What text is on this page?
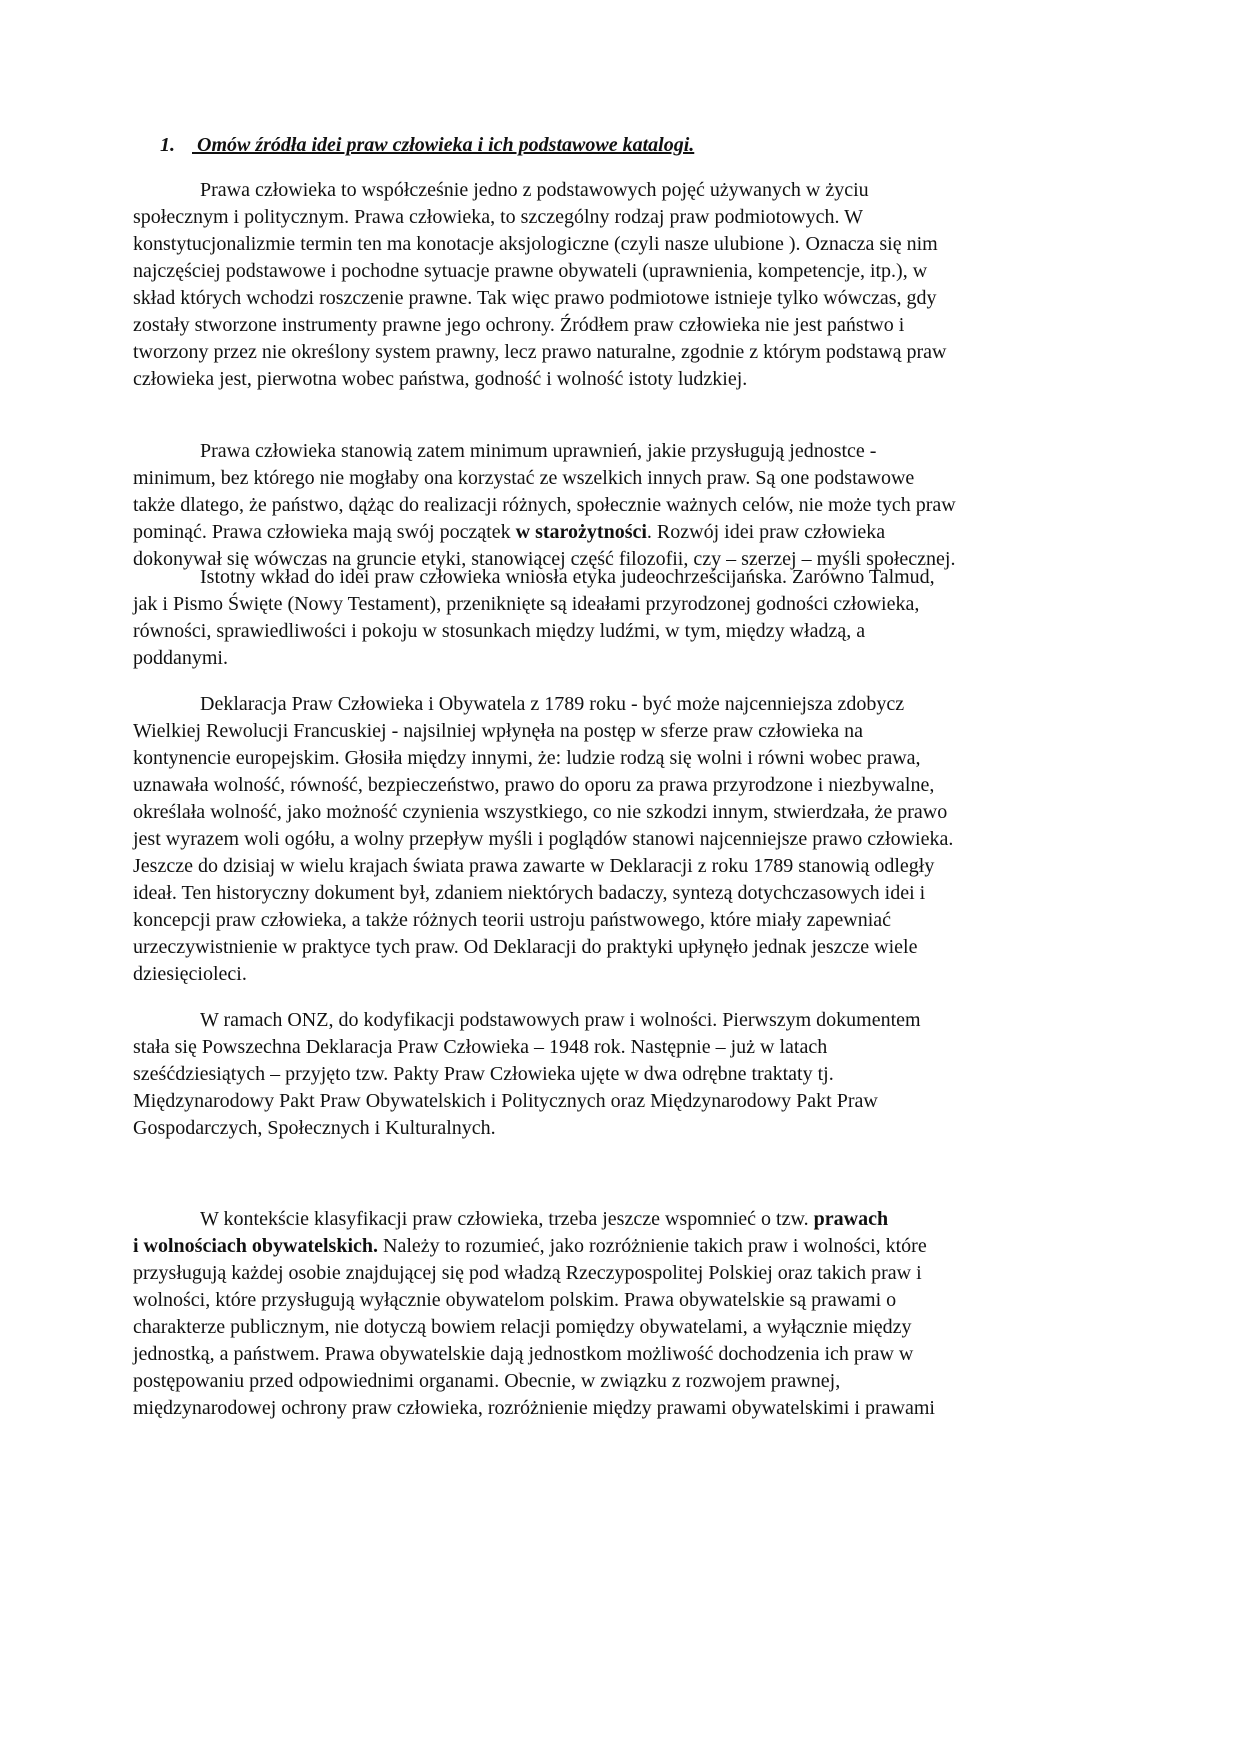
1. Omów źródła idei praw człowieka i ich podstawowe katalogi.
Prawa człowieka to współcześnie jedno z podstawowych pojęć używanych w życiu
społecznym i politycznym. Prawa człowieka, to szczególny rodzaj praw podmiotowych. W
konstytucjonalizmie termin ten ma konotacje aksjologiczne (czyli nasze ulubione ). Oznacza się nim
najczęściej podstawowe i pochodne sytuacje prawne obywateli (uprawnienia, kompetencje, itp.), w
skład których wchodzi roszczenie prawne. Tak więc prawo podmiotowe istnieje tylko wówczas, gdy
zostały stworzone instrumenty prawne jego ochrony. Źródłem praw człowieka nie jest państwo i
tworzony przez nie określony system prawny, lecz prawo naturalne, zgodnie z którym podstawą praw
człowieka jest, pierwotna wobec państwa, godność i wolność istoty ludzkiej.
Prawa człowieka stanowią zatem minimum uprawnień, jakie przysługują jednostce -
minimum, bez którego nie mogłaby ona korzystać ze wszelkich innych praw. Są one podstawowe
także dlatego, że państwo, dążąc do realizacji różnych, społecznie ważnych celów, nie może tych praw
pominąć. Prawa człowieka mają swój początek w starożytności. Rozwój idei praw człowieka
dokonywał się wówczas na gruncie etyki, stanowiącej część filozofii, czy – szerzej – myśli społecznej.
Istotny wkład do idei praw człowieka wniosła etyka judeochrześcijańska. Zarówno Talmud,
jak i Pismo Święte (Nowy Testament), przeniknięte są ideałami przyrodzonej godności człowieka,
równości, sprawiedliwości i pokoju w stosunkach między ludźmi, w tym, między władzą, a
poddanymi.
Deklaracja Praw Człowieka i Obywatela z 1789 roku - być może najcenniejsza zdobycz
Wielkiej Rewolucji Francuskiej - najsilniej wpłynęła na postęp w sferze praw człowieka na
kontynencie europejskim. Głosiła między innymi, że: ludzie rodzą się wolni i równi wobec prawa,
uznawała wolność, równość, bezpieczeństwo, prawo do oporu za prawa przyrodzone i niezbywalne,
określała wolność, jako możność czynienia wszystkiego, co nie szkodzi innym, stwierdzała, że prawo
jest wyrazem woli ogółu, a wolny przepływ myśli i poglądów stanowi najcenniejsze prawo człowieka.
Jeszcze do dzisiaj w wielu krajach świata prawa zawarte w Deklaracji z roku 1789 stanowią odległy
ideał. Ten historyczny dokument był, zdaniem niektórych badaczy, syntezą dotychczasowych idei i
koncepcji praw człowieka, a także różnych teorii ustroju państwowego, które miały zapewniać
urzeczywistnienie w praktyce tych praw. Od Deklaracji do praktyki upłynęło jednak jeszcze wiele
dziesięcioleci.
W ramach ONZ, do kodyfikacji podstawowych praw i wolności. Pierwszym dokumentem
stała się Powszechna Deklaracja Praw Człowieka – 1948 rok. Następnie – już w latach
sześćdziesiątych – przyjęto tzw. Pakty Praw Człowieka ujęte w dwa odrębne traktaty tj.
Międzynarodowy Pakt Praw Obywatelskich i Politycznych oraz Międzynarodowy Pakt Praw
Gospodarczych, Społecznych i Kulturalnych.
W kontekście klasyfikacji praw człowieka, trzeba jeszcze wspomnieć o tzw. prawach
i wolnościach obywatelskich. Należy to rozumieć, jako rozróżnienie takich praw i wolności, które
przysługują każdej osobie znajdującej się pod władzą Rzeczypospolitej Polskiej oraz takich praw i
wolności, które przysługują wyłącznie obywatelom polskim. Prawa obywatelskie są prawami o
charakterze publicznym, nie dotyczą bowiem relacji pomiędzy obywatelami, a wyłącznie między
jednostką, a państwem. Prawa obywatelskie dają jednostkom możliwość dochodzenia ich praw w
postępowaniu przed odpowiednimi organami. Obecnie, w związku z rozwojem prawnej,
międzynarodowej ochrony praw człowieka, rozróżnienie między prawami obywatelskimi i prawami
